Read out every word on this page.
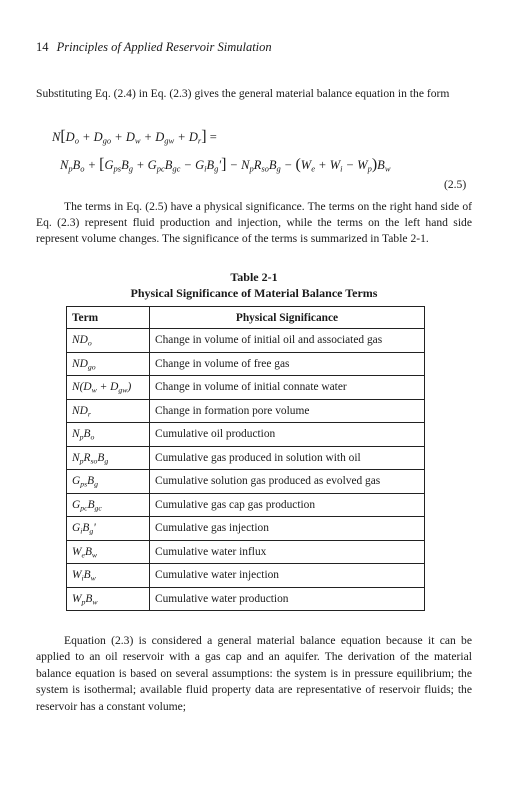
14 Principles of Applied Reservoir Simulation
Substituting Eq. (2.4) in Eq. (2.3) gives the general material balance equation in the form
$N[D_o + D_{go} + D_w + D_{gw} + D_r]$ =
$N_pB_o + [G_{ps}B_g + G_{pc}B_{gc} - G_iB_g'] - N_pR_{so}B_g - (W_e + W_i - W_p)B_w$
(2.5)
The terms in Eq. (2.5) have a physical significance. The terms on the right hand side of Eq. (2.3) represent fluid production and injection, while the terms on the left hand side represent volume changes. The significance of the terms is summarized in Table 2-1.
Table 2-1
Physical Significance of Material Balance Terms
Term	Physical Significance
$ND_o$	Change in volume of initial oil and associated gas
$ND_{go}$	Change in volume of free gas
$N(D_w + D_{gw})$	Change in volume of initial connate water
$ND_r$	Change in formation pore volume
$N_pB_o$	Cumulative oil production
$N_pR_{so}B_g$	Cumulative gas produced in solution with oil
$G_{ps}B_g$	Cumulative solution gas produced as evolved gas
$G_{pc}B_{gc}$	Cumulative gas cap gas production
$G_iB_g'$	Cumulative gas injection
$W_eB_w$	Cumulative water influx
$W_iB_w$	Cumulative water injection
$W_pB_w$	Cumulative water production
Equation (2.3) is considered a general material balance equation because it can be applied to an oil reservoir with a gas cap and an aquifer. The derivation of the material balance equation is based on several assumptions: the system is in pressure equilibrium; the system is isothermal; available fluid property data are representative of reservoir fluids; the reservoir has a constant volume;
